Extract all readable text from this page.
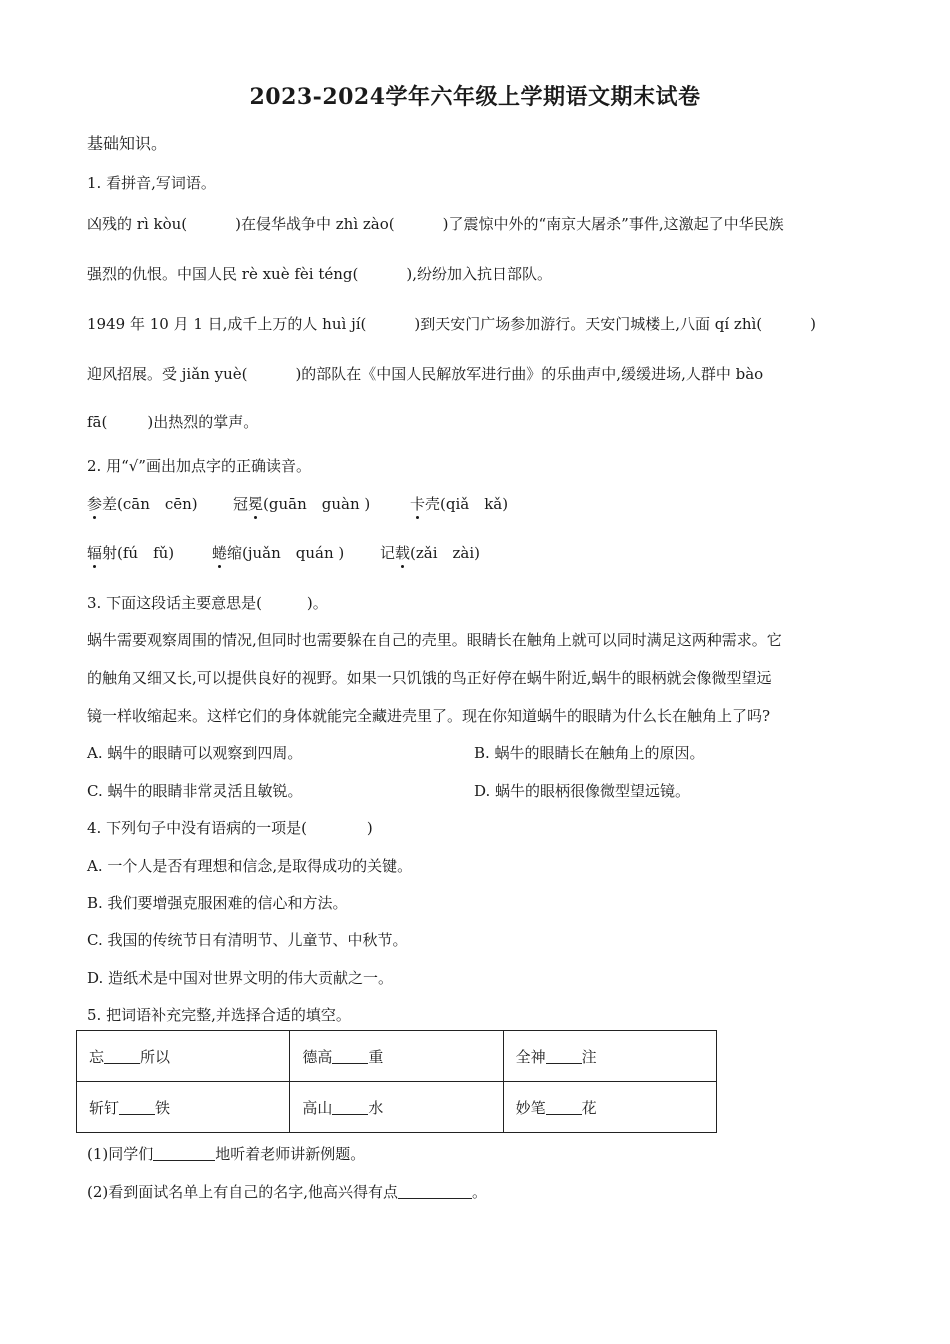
2023-2024学年六年级上学期语文期末试卷
基础知识。
1. 看拼音,写词语。
凶残的 rì kòu(	)在侵华战争中 zhì zào(	)了震惊中外的“南京大屠杀”事件,这激起了中华民族
强烈的仇恨。中国人民 rè xuè fèi téng(	),纷纷加入抗日部队。
1949 年 10 月 1 日,成千上万的人 huì jí(	)到天安门广场参加游行。天安门城楼上,八面 qí zhì(	)
迎风招展。受 jiǎn yuè(	)的部队在《中国人民解放军进行曲》的乐曲声中,缓缓进场,人群中 bào
fā(	)出热烈的掌声。
2. 用“√”画出加点字的正确读音。
参差(cān　cēn) 冠冕(guān　guàn )	卡壳(qiǎ　kǎ)
辐射(fú　fǔ)	蜷缩(juǎn　quán ) 记载(zǎi　zài)
3. 下面这段话主要意思是(　　　)。
蜗牛需要观察周围的情况,但同时也需要躲在自己的壳里。眼睛长在触角上就可以同时满足这两种需求。它
的触角又细又长,可以提供良好的视野。如果一只饥饿的鸟正好停在蜗牛附近,蜗牛的眼柄就会像微型望远
镜一样收缩起来。这样它们的身体就能完全藏进壳里了。现在你知道蜗牛的眼睛为什么长在触角上了吗?
A. 蜗牛的眼睛可以观察到四周。	B. 蜗牛的眼睛长在触角上的原因。
C. 蜗牛的眼睛非常灵活且敏锐。	D. 蜗牛的眼柄很像微型望远镜。
4. 下列句子中没有语病的一项是(　　　　)
A. 一个人是否有理想和信念,是取得成功的关键。
B. 我们要增强克服困难的信心和方法。
C. 我国的传统节日有清明节、儿童节、中秋节。
D. 造纸术是中国对世界文明的伟大贡献之一。
5. 把词语补充完整,并选择合适的填空。
忘 所以	德高 重	全神 注
斩钉 铁	高山 水	妙笔 花
(1)同学们	地听着老师讲新例题。
(2)看到面试名单上有自己的名字,他高兴得有点	。
